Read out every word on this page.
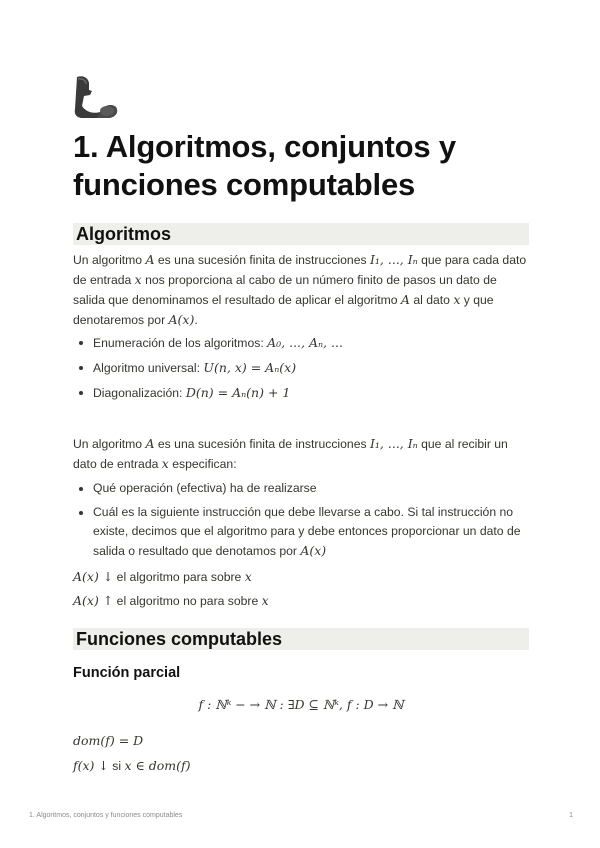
1. Algoritmos, conjuntos y
funciones computables
Algoritmos

Un algoritmo A es una sucesión finita de instrucciones I₁, ..., Iₙ que para cada dato de entrada x nos proporciona al cabo de un número finito de pasos un dato de salida que denominamos el resultado de aplicar el algoritmo A al dato x y que denotaremos por A(x).

Enumeración de los algoritmos: A₀, ..., Aₙ, ...
Algoritmo universal: U(n, x) = Aₙ(x)
Diagonalización: D(n) = Aₙ(n) + 1

Un algoritmo A es una sucesión finita de instrucciones I₁, ..., Iₙ que al recibir un dato de entrada x especifican:

Qué operación (efectiva) ha de realizarse
Cuál es la siguiente instrucción que debe llevarse a cabo. Si tal instrucción no existe, decimos que el algoritmo para y debe entonces proporcionar un dato de salida o resultado que denotamos por A(x)

A(x) ↓ el algoritmo para sobre x

A(x) ↑ el algoritmo no para sobre x

Funciones computables
Función parcial

f : ℕᵏ − → ℕ : ∃D ⊆ ℕᵏ, f : D → ℕ

dom(f) = D

f(x) ↓ si x ∈ dom(f)

1. Algoritmos, conjuntos y funciones computables	1
